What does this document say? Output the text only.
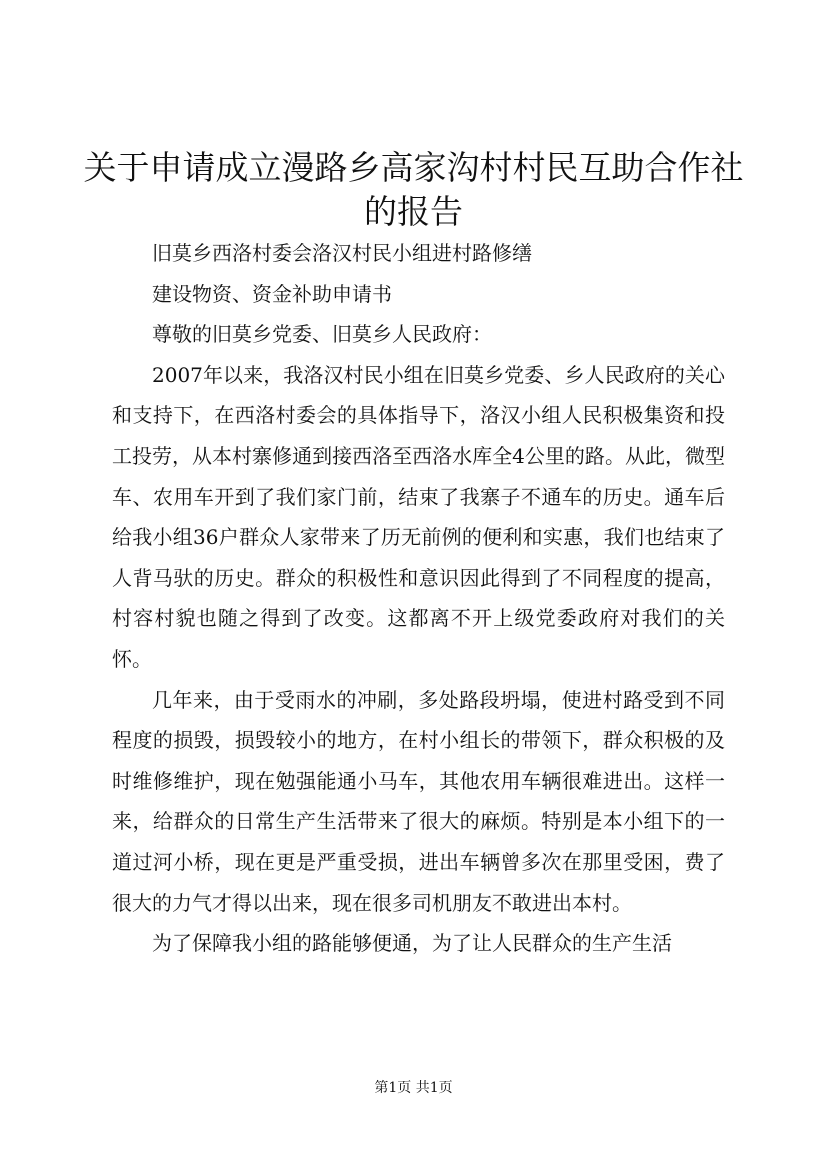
关于申请成立漫路乡高家沟村村民互助合作社
的报告

旧莫乡西洛村委会洛汉村民小组进村路修缮

建设物资、资金补助申请书

尊敬的旧莫乡党委、旧莫乡人民政府：

2007年以来，我洛汉村民小组在旧莫乡党委、乡人民政府的关心和支持下，在西洛村委会的具体指导下，洛汉小组人民积极集资和投工投劳，从本村寨修通到接西洛至西洛水库全4公里的路。从此，微型车、农用车开到了我们家门前，结束了我寨子不通车的历史。通车后给我小组36户群众人家带来了历无前例的便利和实惠，我们也结束了人背马驮的历史。群众的积极性和意识因此得到了不同程度的提高，村容村貌也随之得到了改变。这都离不开上级党委政府对我们的关怀。

几年来，由于受雨水的冲刷，多处路段坍塌，使进村路受到不同程度的损毁，损毁较小的地方，在村小组长的带领下，群众积极的及时维修维护，现在勉强能通小马车，其他农用车辆很难进出。这样一来，给群众的日常生产生活带来了很大的麻烦。特别是本小组下的一道过河小桥，现在更是严重受损，进出车辆曾多次在那里受困，费了很大的力气才得以出来，现在很多司机朋友不敢进出本村。

为了保障我小组的路能够便通，为了让人民群众的生产生活

第1页 共1页
